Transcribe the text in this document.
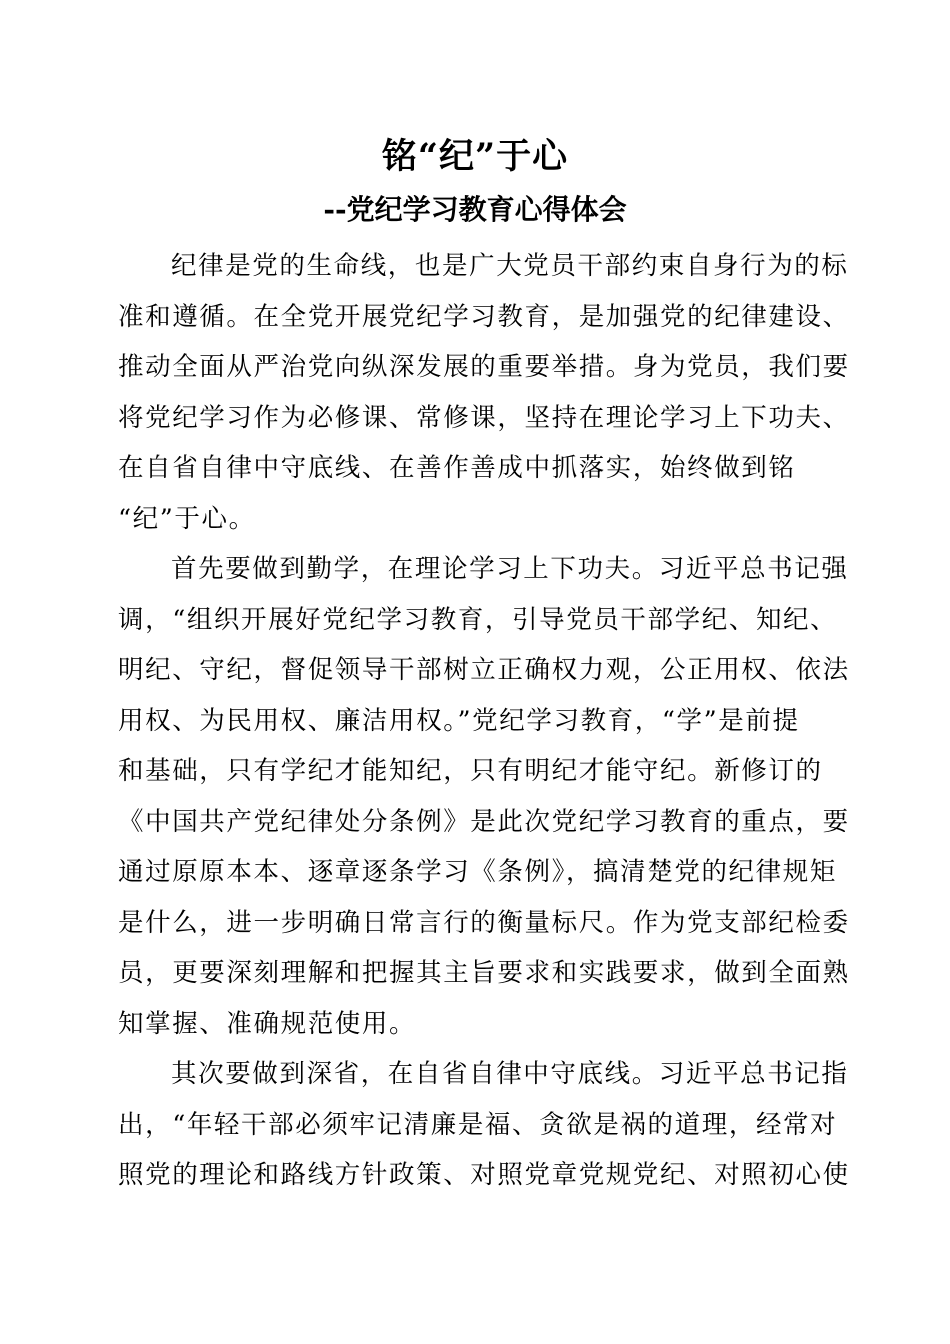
铭“纪”于心
--党纪学习教育心得体会
纪律是党的生命线，也是广大党员干部约束自身行为的标
准和遵循。在全党开展党纪学习教育，是加强党的纪律建设、
推动全面从严治党向纵深发展的重要举措。身为党员，我们要
将党纪学习作为必修课、常修课，坚持在理论学习上下功夫、
在自省自律中守底线、在善作善成中抓落实，始终做到铭
“纪”于心。
首先要做到勤学，在理论学习上下功夫。习近平总书记强
调，“组织开展好党纪学习教育，引导党员干部学纪、知纪、
明纪、守纪，督促领导干部树立正确权力观，公正用权、依法
用权、为民用权、廉洁用权。”党纪学习教育，“学”是前提
和基础，只有学纪才能知纪，只有明纪才能守纪。新修订的
《中国共产党纪律处分条例》是此次党纪学习教育的重点，要
通过原原本本、逐章逐条学习《条例》，搞清楚党的纪律规矩
是什么，进一步明确日常言行的衡量标尺。作为党支部纪检委
员，更要深刻理解和把握其主旨要求和实践要求，做到全面熟
知掌握、准确规范使用。
其次要做到深省，在自省自律中守底线。习近平总书记指
出，“年轻干部必须牢记清廉是福、贪欲是祸的道理，经常对
照党的理论和路线方针政策、对照党章党规党纪、对照初心使
